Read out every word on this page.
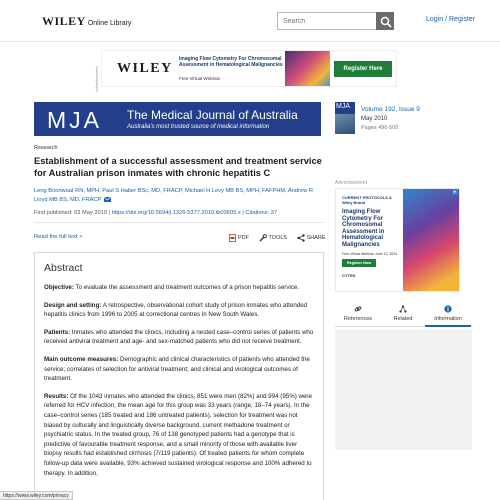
WILEY Online Library
Search
Login / Register
Advertisement WILEY
Imaging Flow Cytometry For Chromosomal Assessment in Hematological Malignancies
Free Virtual Webinar
Register Here
MJA The Medical Journal of Australia
Australia's most trusted source of medical information
MJA	Volume 192, Issue 9
May 2010
Pages 496-500
Research
Establishment of a successful assessment and treatment service for Australian prison inmates with chronic hepatitis C
Leng Boonwaat RN, MPH, Paul S Haber BSc, MD, FRACP, Michael H Levy MB BS, MPH, FAFPHM, Andrew R Lloyd MB BS, MD, FRACP
First published: 03 May 2010 | https://doi.org/10.5694/j.1326-5377.2010.tb03605.x | Citations: 37
Read the full text >	PDF
	TOOLS
	SHARE
Abstract

Objective: To evaluate the assessment and treatment outcomes of a prison hepatitis service.

Design and setting: A retrospective, observational cohort study of prison inmates who attended hepatitis clinics from 1996 to 2005 at correctional centres in New South Wales.

Patients: Inmates who attended the clinics, including a nested case–control series of patients who received antiviral treatment and age- and sex-matched patients who did not receive treatment.

Main outcome measures: Demographic and clinical characteristics of patients who attended the service; correlates of selection for antiviral treatment; and clinical and virological outcomes of treatment.

Results: Of the 1043 inmates who attended the clinics, 851 were men (82%) and 994 (95%) were referred for HCV infection; the mean age for this group was 33 years (range, 18–74 years). In the case–control series (185 treated and 186 untreated patients), selection for treatment was not biased by culturally and linguistically diverse background, current methadone treatment or psychiatric status. In the treated group, 76 of 138 genotyped patients had a genotype that is predictive of favourable treatment response, and a small minority of those with available liver biopsy results had established cirrhosis (7/119 patients). Of treated patients for whom complete follow-up data were available, 93% achieved sustained virological response and 100% adhered to therapy. In addition,

Advertisement
CURRENT PROTOCOLS A Wiley Brand
Imaging Flow Cytometry For Chromosomal Assessment in Hematological Malignancies
Free Virtual Webinar June 12, 2024
Register Now
CYTEK
▸
References	Related	Information
https://www.wiley.com/privacy
